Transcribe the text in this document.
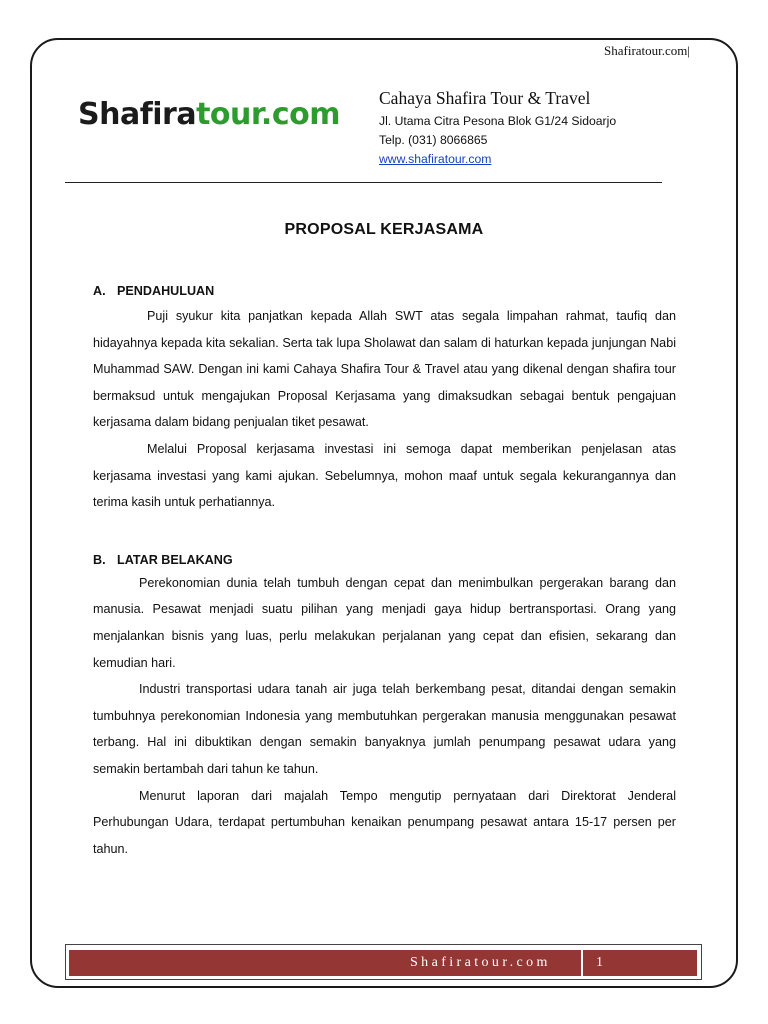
Shafiratour.com|
Shafiratour.com Cahaya Shafira Tour & Travel
Jl. Utama Citra Pesona Blok G1/24 Sidoarjo
Telp. (031) 8066865
www.shafiratour.com
PROPOSAL KERJASAMA

A. PENDAHULUAN

Puji syukur kita panjatkan kepada Allah SWT atas segala limpahan rahmat, taufiq dan hidayahnya kepada kita sekalian. Serta tak lupa Sholawat dan salam di haturkan kepada junjungan Nabi Muhammad SAW. Dengan ini kami Cahaya Shafira Tour & Travel atau yang dikenal dengan shafira tour bermaksud untuk mengajukan Proposal Kerjasama yang dimaksudkan sebagai bentuk pengajuan kerjasama dalam bidang penjualan tiket pesawat.

Melalui Proposal kerjasama investasi ini semoga dapat memberikan penjelasan atas kerjasama investasi yang kami ajukan. Sebelumnya, mohon maaf untuk segala kekurangannya dan terima kasih untuk perhatiannya.

B. LATAR BELAKANG

Perekonomian dunia telah tumbuh dengan cepat dan menimbulkan pergerakan barang dan manusia. Pesawat menjadi suatu pilihan yang menjadi gaya hidup bertransportasi. Orang yang menjalankan bisnis yang luas, perlu melakukan perjalanan yang cepat dan efisien, sekarang dan kemudian hari.

Industri transportasi udara tanah air juga telah berkembang pesat, ditandai dengan semakin tumbuhnya perekonomian Indonesia yang membutuhkan pergerakan manusia menggunakan pesawat terbang. Hal ini dibuktikan dengan semakin banyaknya jumlah penumpang pesawat udara yang semakin bertambah dari tahun ke tahun.

Menurut laporan dari majalah Tempo mengutip pernyataan dari Direktorat Jenderal Perhubungan Udara, terdapat pertumbuhan kenaikan penumpang pesawat antara 15-17 persen per tahun.

Shafiratour.com	1
